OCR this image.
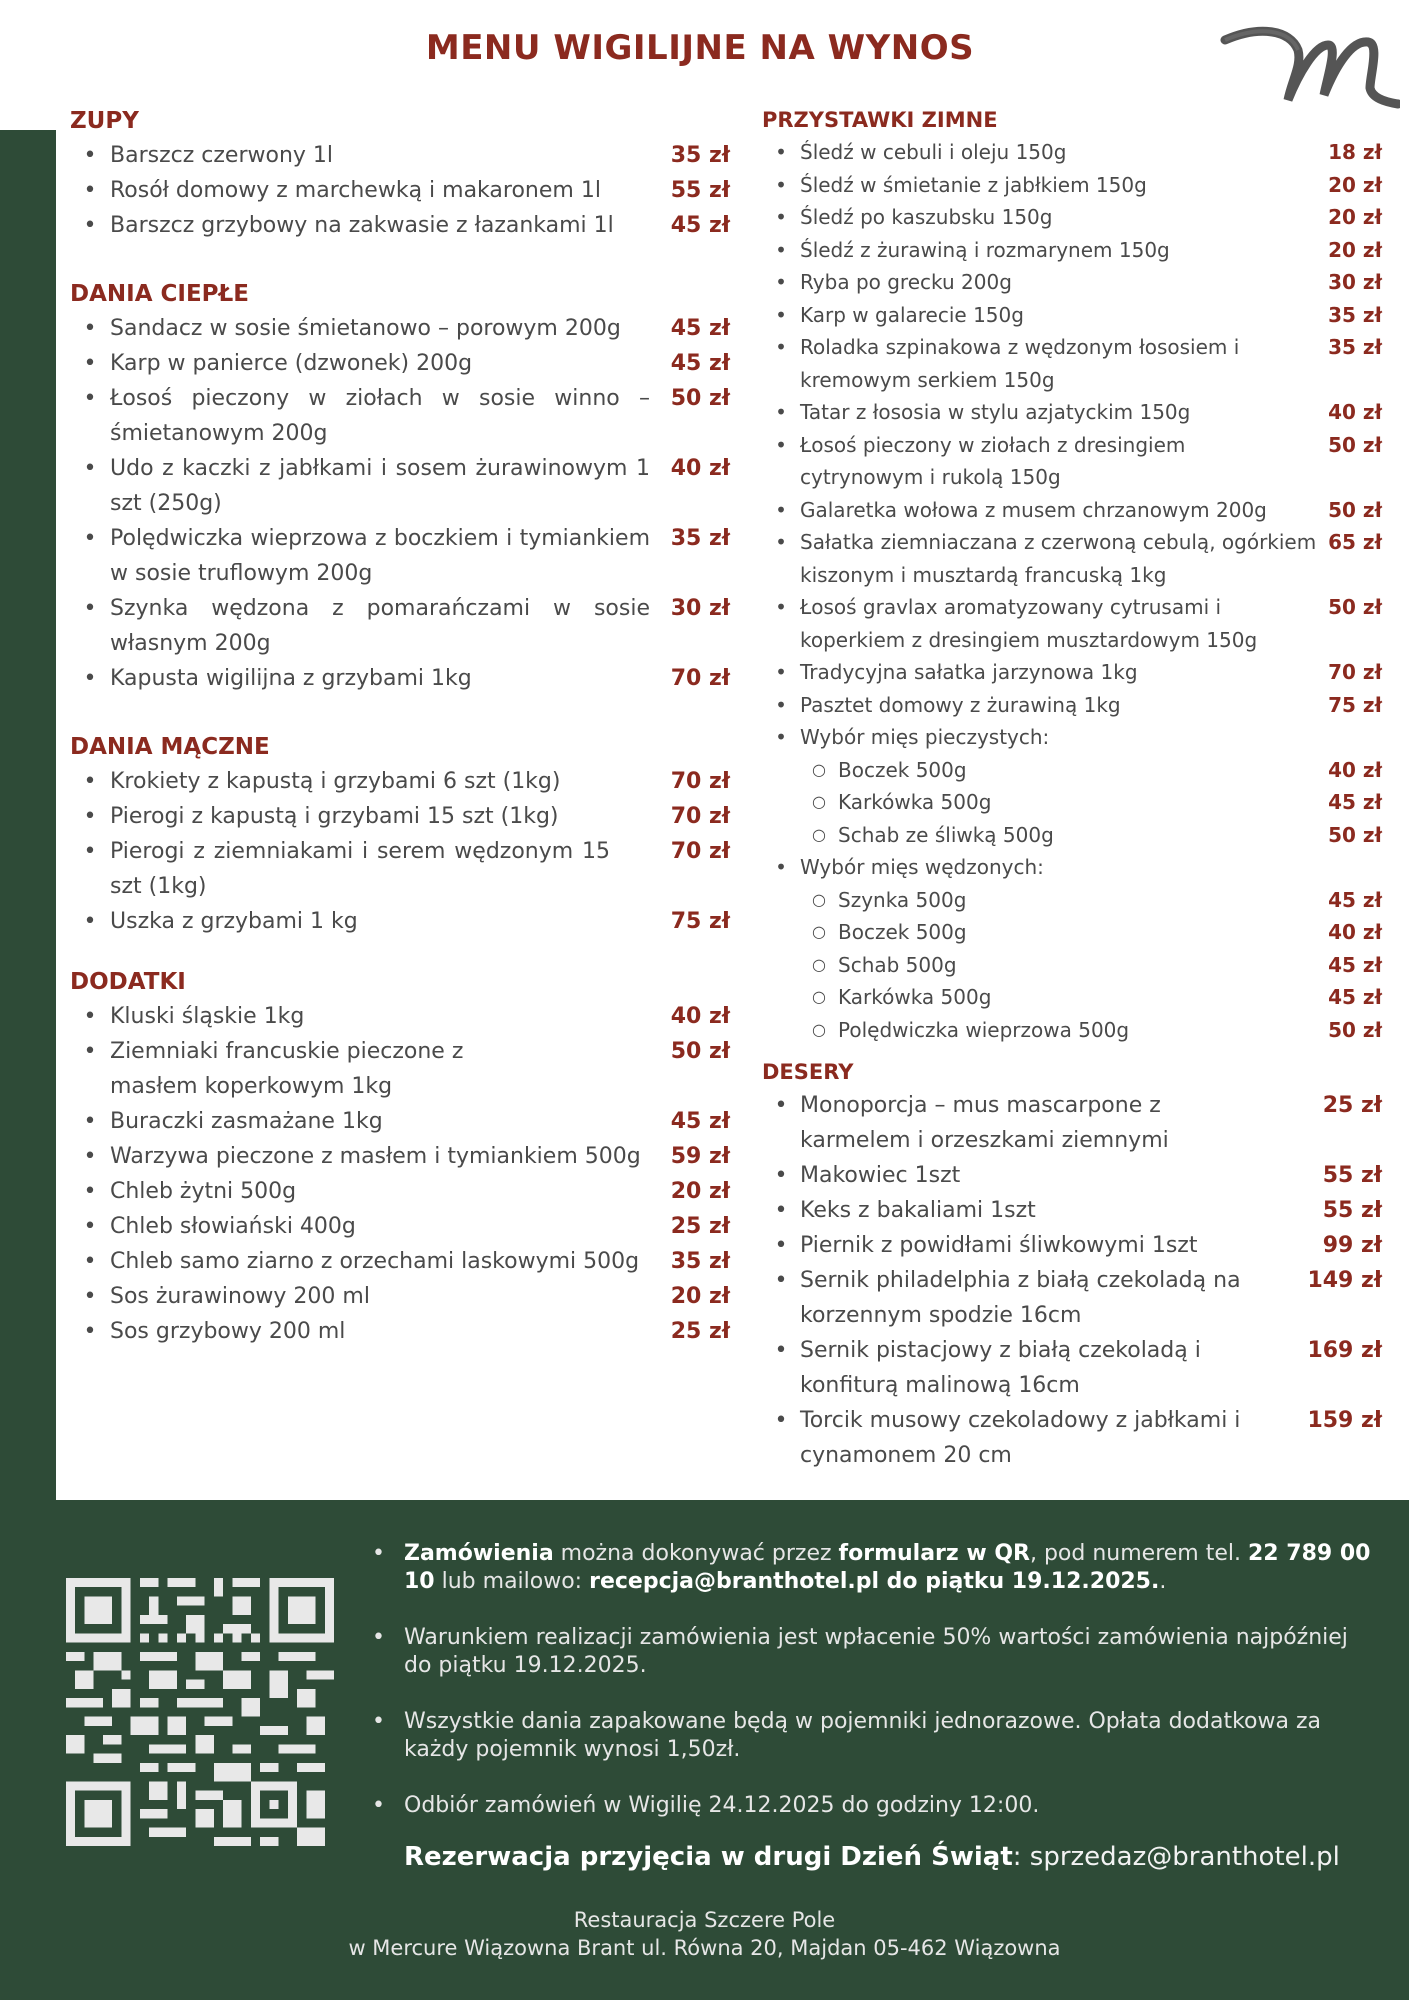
MENU WIGILIJNE NA WYNOS
ZUPY
• Barszcz czerwony 1l	35 zł
• Rosół domowy z marchewką i makaronem 1l	55 zł
• Barszcz grzybowy na zakwasie z łazankami 1l	45 zł
DANIA CIEPŁE
• Sandacz w sosie śmietanowo – porowym 200g	45 zł
• Karp w panierce (dzwonek) 200g	45 zł
• Łosoś pieczony w ziołach w sosie winno – śmietanowym 200g
50 zł
• Udo z kaczki z jabłkami i sosem żurawinowym 1 szt (250g)
40 zł
• Polędwiczka wieprzowa z boczkiem i tymiankiem w sosie truflowym 200g
35 zł
• Szynka wędzona z pomarańczami w sosie własnym 200g
30 zł
• Kapusta wigilijna z grzybami 1kg	70 zł
DANIA MĄCZNE
• Krokiety z kapustą i grzybami 6 szt (1kg)	70 zł
• Pierogi z kapustą i grzybami 15 szt (1kg)	70 zł
• Pierogi z ziemniakami i serem wędzonym 15 szt (1kg)
70 zł
• Uszka z grzybami 1 kg	75 zł
DODATKI
• Kluski śląskie 1kg	40 zł
• Ziemniaki francuskie pieczone z masłem koperkowym 1kg
50 zł
• Buraczki zasmażane 1kg	45 zł
• Warzywa pieczone z masłem i tymiankiem 500g	59 zł
• Chleb żytni 500g	20 zł
• Chleb słowiański 400g	25 zł
• Chleb samo ziarno z orzechami laskowymi 500g	35 zł
• Sos żurawinowy 200 ml	20 zł
• Sos grzybowy 200 ml	25 zł
PRZYSTAWKI ZIMNE
• Śledź w cebuli i oleju 150g	18 zł
• Śledź w śmietanie z jabłkiem 150g	20 zł
• Śledź po kaszubsku 150g	20 zł
• Śledź z żurawiną i rozmarynem 150g	20 zł
• Ryba po grecku 200g	30 zł
• Karp w galarecie 150g	35 zł
• Roladka szpinakowa z wędzonym łososiem i kremowym serkiem 150g
35 zł
• Tatar z łososia w stylu azjatyckim 150g	40 zł
• Łosoś pieczony w ziołach z dresingiem cytrynowym i rukolą 150g
50 zł
• Galaretka wołowa z musem chrzanowym 200g	50 zł
• Sałatka ziemniaczana z czerwoną cebulą, ogórkiem kiszonym i musztardą francuską 1kg
65 zł
• Łosoś gravlax aromatyzowany cytrusami i koperkiem z dresingiem musztardowym 150g
50 zł
• Tradycyjna sałatka jarzynowa 1kg	70 zł
• Pasztet domowy z żurawiną 1kg	75 zł
• Wybór mięs pieczystych:
○ Boczek 500g	40 zł
○ Karkówka 500g	45 zł
○ Schab ze śliwką 500g	50 zł
• Wybór mięs wędzonych:
○ Szynka 500g	45 zł
○ Boczek 500g	40 zł
○ Schab 500g	45 zł
○ Karkówka 500g	45 zł
○ Polędwiczka wieprzowa 500g	50 zł
DESERY
• Monoporcja – mus mascarpone z karmelem i orzeszkami ziemnymi
25 zł
• Makowiec 1szt	55 zł
• Keks z bakaliami 1szt	55 zł
• Piernik z powidłami śliwkowymi 1szt	99 zł
• Sernik philadelphia z białą czekoladą na korzennym spodzie 16cm
149 zł
• Sernik pistacjowy z białą czekoladą i konfiturą malinową 16cm
169 zł
• Torcik musowy czekoladowy z jabłkami i cynamonem 20 cm
159 zł
• Zamówienia można dokonywać przez formularz w QR, pod numerem tel. 22 789 00 10 lub mailowo: recepcja@branthotel.pl do piątku 19.12.2025..
• Warunkiem realizacji zamówienia jest wpłacenie 50% wartości zamówienia najpóźniej do piątku 19.12.2025.
• Wszystkie dania zapakowane będą w pojemniki jednorazowe. Opłata dodatkowa za każdy pojemnik wynosi 1,50zł.
• Odbiór zamówień w Wigilię 24.12.2025 do godziny 12:00.
Rezerwacja przyjęcia w drugi Dzień Świąt: sprzedaz@branthotel.pl
Restauracja Szczere Pole
w Mercure Wiązowna Brant ul. Równa 20, Majdan 05-462 Wiązowna
